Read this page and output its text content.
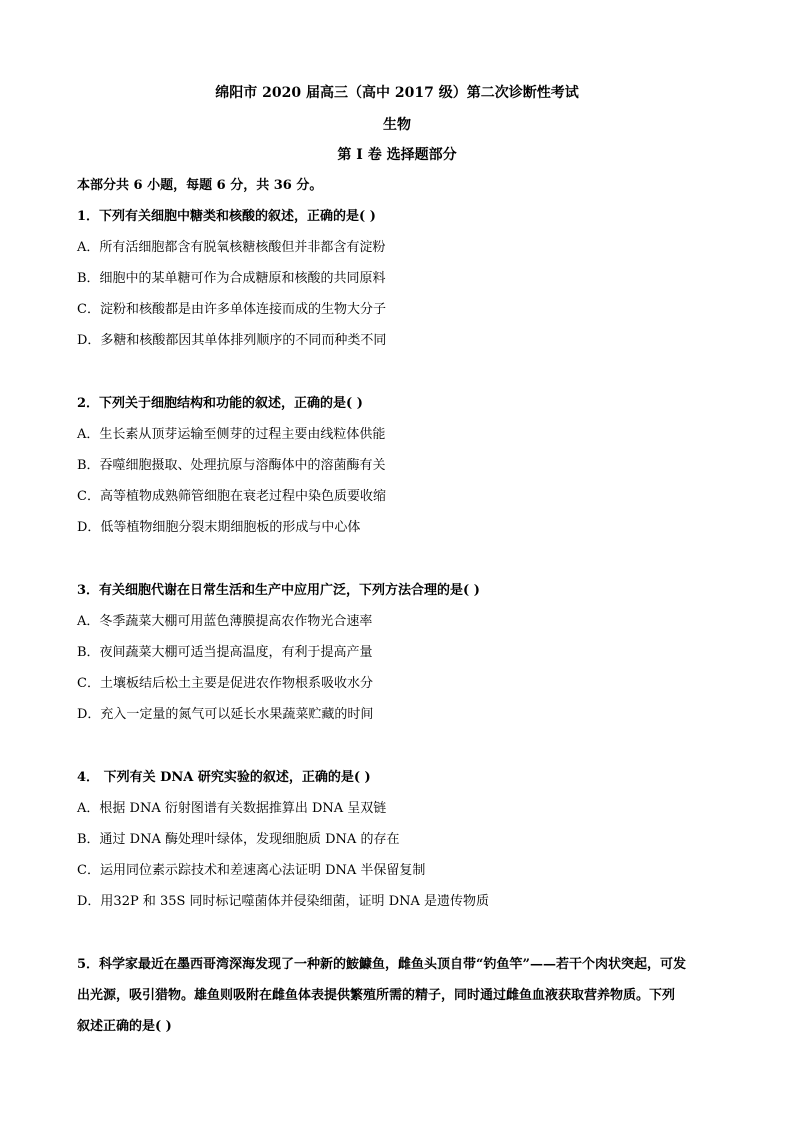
绵阳市 2020 届高三（高中 2017 级）第二次诊断性考试
生物
第 I 卷 选择题部分
本部分共 6 小题，每题 6 分，共 36 分。
1．下列有关细胞中糖类和核酸的叙述，正确的是( )
A．所有活细胞都含有脱氧核糖核酸但并非都含有淀粉
B．细胞中的某单糖可作为合成糖原和核酸的共同原料
C．淀粉和核酸都是由许多单体连接而成的生物大分子
D．多糖和核酸都因其单体排列顺序的不同而种类不同
2．下列关于细胞结构和功能的叙述，正确的是( )
A．生长素从顶芽运输至侧芽的过程主要由线粒体供能
B．吞噬细胞摄取、处理抗原与溶酶体中的溶菌酶有关
C．高等植物成熟筛管细胞在衰老过程中染色质要收缩
D．低等植物细胞分裂末期细胞板的形成与中心体
3．有关细胞代谢在日常生活和生产中应用广泛，下列方法合理的是( )
A．冬季蔬菜大棚可用蓝色薄膜提高农作物光合速率
B．夜间蔬菜大棚可适当提高温度，有利于提高产量
C．土壤板结后松土主要是促进农作物根系吸收水分
D．充入一定量的氮气可以延长水果蔬菜贮藏的时间
4． 下列有关 DNA 研究实验的叙述，正确的是( )
A．根据 DNA 衍射图谱有关数据推算出 DNA 呈双链
B．通过 DNA 酶处理叶绿体，发现细胞质 DNA 的存在
C．运用同位素示踪技术和差速离心法证明 DNA 半保留复制
D．用32P 和 35S 同时标记噬菌体并侵染细菌，证明 DNA 是遗传物质
5．科学家最近在墨西哥湾深海发现了一种新的鮟鱇鱼，雌鱼头顶自带“钓鱼竿”——若干个肉状突起，可发
出光源，吸引猎物。雄鱼则吸附在雌鱼体表提供繁殖所需的精子，同时通过雌鱼血液获取营养物质。下列
叙述正确的是( )
